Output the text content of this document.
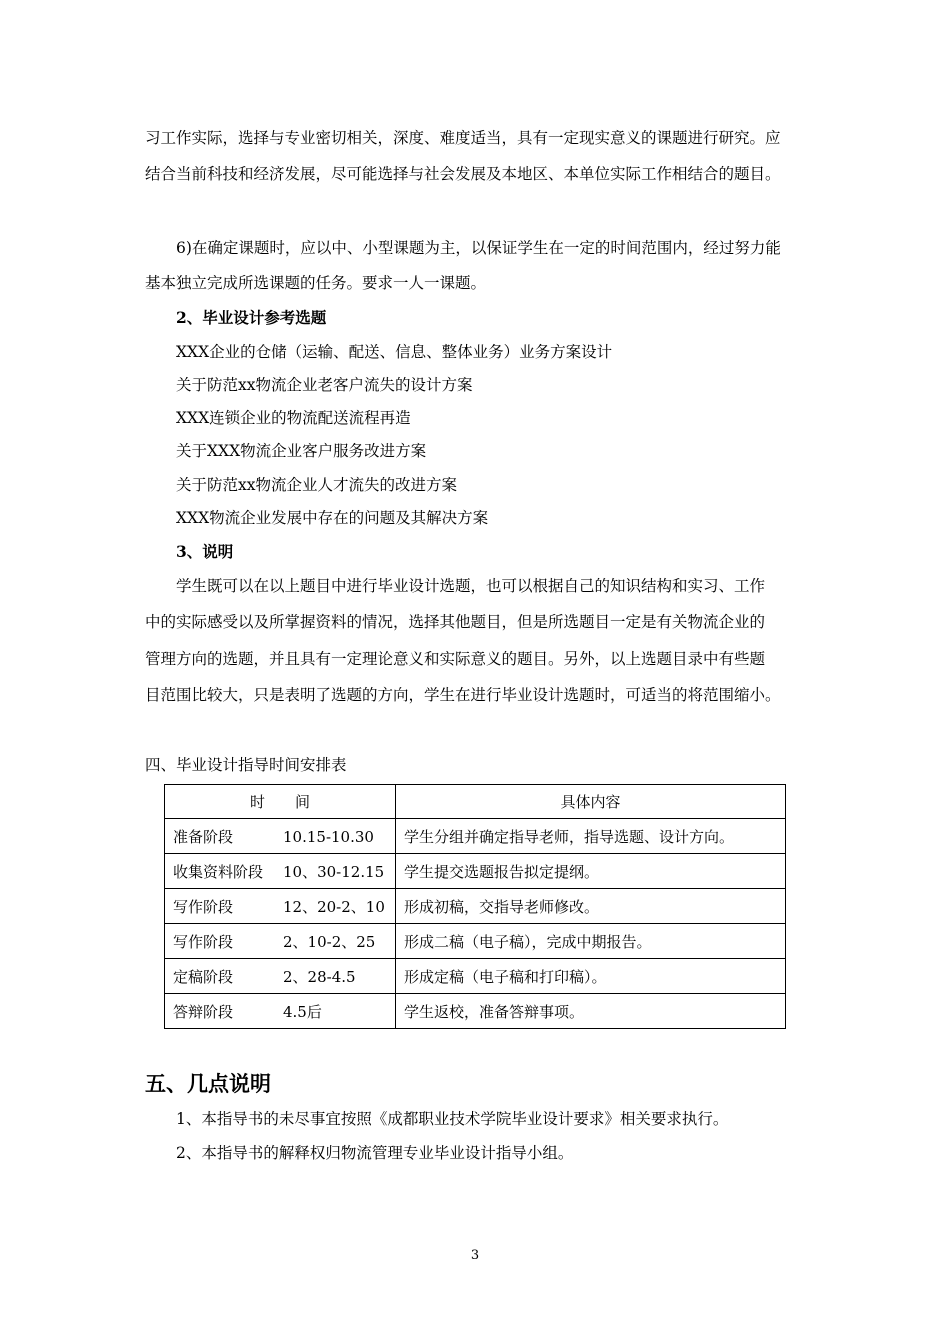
习工作实际，选择与专业密切相关，深度、难度适当，具有一定现实意义的课题进行研究。应
结合当前科技和经济发展，尽可能选择与社会发展及本地区、本单位实际工作相结合的题目。
6)在确定课题时，应以中、小型课题为主，以保证学生在一定的时间范围内，经过努力能
基本独立完成所选课题的任务。要求一人一课题。
2、毕业设计参考选题
XXX企业的仓储（运输、配送、信息、整体业务）业务方案设计
关于防范xx物流企业老客户流失的设计方案
XXX连锁企业的物流配送流程再造
关于XXX物流企业客户服务改进方案
关于防范xx物流企业人才流失的改进方案
XXX物流企业发展中存在的问题及其解决方案
3、说明
学生既可以在以上题目中进行毕业设计选题，也可以根据自己的知识结构和实习、工作
中的实际感受以及所掌握资料的情况，选择其他题目，但是所选题目一定是有关物流企业的
管理方向的选题，并且具有一定理论意义和实际意义的题目。另外，以上选题目录中有些题
目范围比较大，只是表明了选题的方向，学生在进行毕业设计选题时，可适当的将范围缩小。
四、毕业设计指导时间安排表
时　　间	具体内容
准备阶段 10.15-10.30	学生分组并确定指导老师，指导选题、设计方向。
收集资料阶段 10、30-12.15	学生提交选题报告拟定提纲。
写作阶段 12、20-2、10	形成初稿，交指导老师修改。
写作阶段 2、10-2、25	形成二稿（电子稿），完成中期报告。
定稿阶段 2、28-4.5	形成定稿（电子稿和打印稿）。
答辩阶段 4.5后	学生返校，准备答辩事项。
五、几点说明
1、本指导书的未尽事宜按照《成都职业技术学院毕业设计要求》相关要求执行。
2、本指导书的解释权归物流管理专业毕业设计指导小组。
3
